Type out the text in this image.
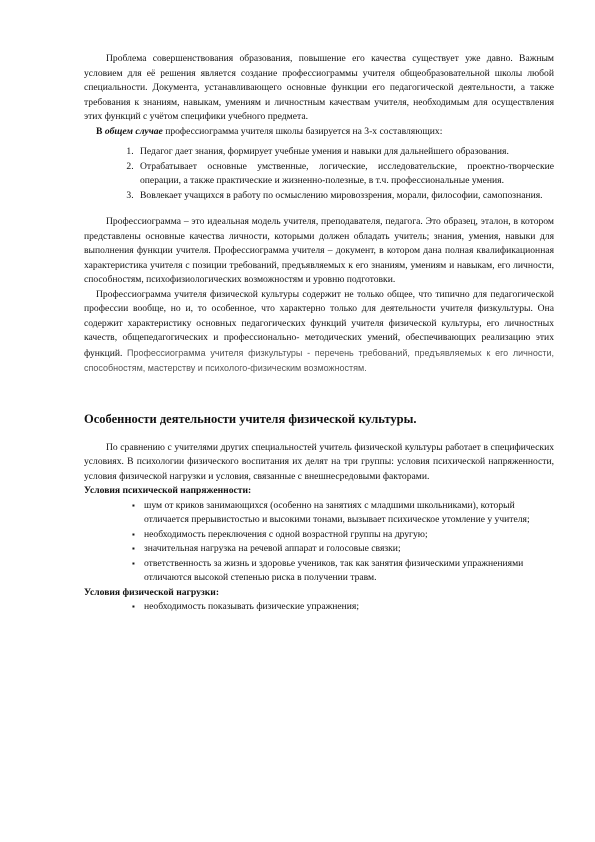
Проблема совершенствования образования, повышение его качества существует уже давно. Важным условием для её решения является создание профессиограммы учителя общеобразовательной школы любой специальности. Документа, устанавливающего основные функции его педагогической деятельности, а также требования к знаниям, навыкам, умениям и личностным качествам учителя, необходимым для осуществления этих функций с учётом специфики учебного предмета.

В общем случае профессиограмма учителя школы базируется на 3-х составляющих:

1. Педагог дает знания, формирует учебные умения и навыки для дальнейшего образования.
2. Отрабатывает основные умственные, логические, исследовательские, проектно-творческие операции, а также практические и жизненно-полезные, в т.ч. профессиональные умения.
3. Вовлекает учащихся в работу по осмыслению мировоззрения, морали, философии, самопознания.

Профессиограмма – это идеальная модель учителя, преподавателя, педагога. Это образец, эталон, в котором представлены основные качества личности, которыми должен обладать учитель; знания, умения, навыки для выполнения функции учителя. Профессиограмма учителя – документ, в котором дана полная квалификационная характеристика учителя с позиции требований, предъявляемых к его знаниям, умениям и навыкам, его личности, способностям, психофизиологических возможностям и уровню подготовки.

Профессиограмма учителя физической культуры содержит не только общее, что типично для педагогической профессии вообще, но и, то особенное, что характерно только для деятельности учителя физкультуры. Она содержит характеристику основных педагогических функций учителя физической культуры, его личностных качеств, общепедагогических и профессионально- методических умений, обеспечивающих реализацию этих функций. Профессиограмма учителя физкультуры - перечень требований, предъявляемых к его личности, способностям, мастерству и психолого-физическим возможностям.

Особенности деятельности учителя физической культуры.

По сравнению с учителями других специальностей учитель физической культуры работает в специфических условиях. В психологии физического воспитания их делят на три группы: условия психической напряженности, условия физической нагрузки и условия, связанные с внешнесредовыми факторами.

Условия психической напряженности:
▪ шум от криков занимающихся (особенно на занятиях с младшими школьниками), который отличается прерывистостью и высокими тонами, вызывает психическое утомление у учителя;
▪ необходимость переключения с одной возрастной группы на другую;
▪ значительная нагрузка на речевой аппарат и голосовые связки;
▪ ответственность за жизнь и здоровье учеников, так как занятия физическими упражнениями отличаются высокой степенью риска в получении травм.
Условия физической нагрузки:
▪ необходимость показывать физические упражнения;
